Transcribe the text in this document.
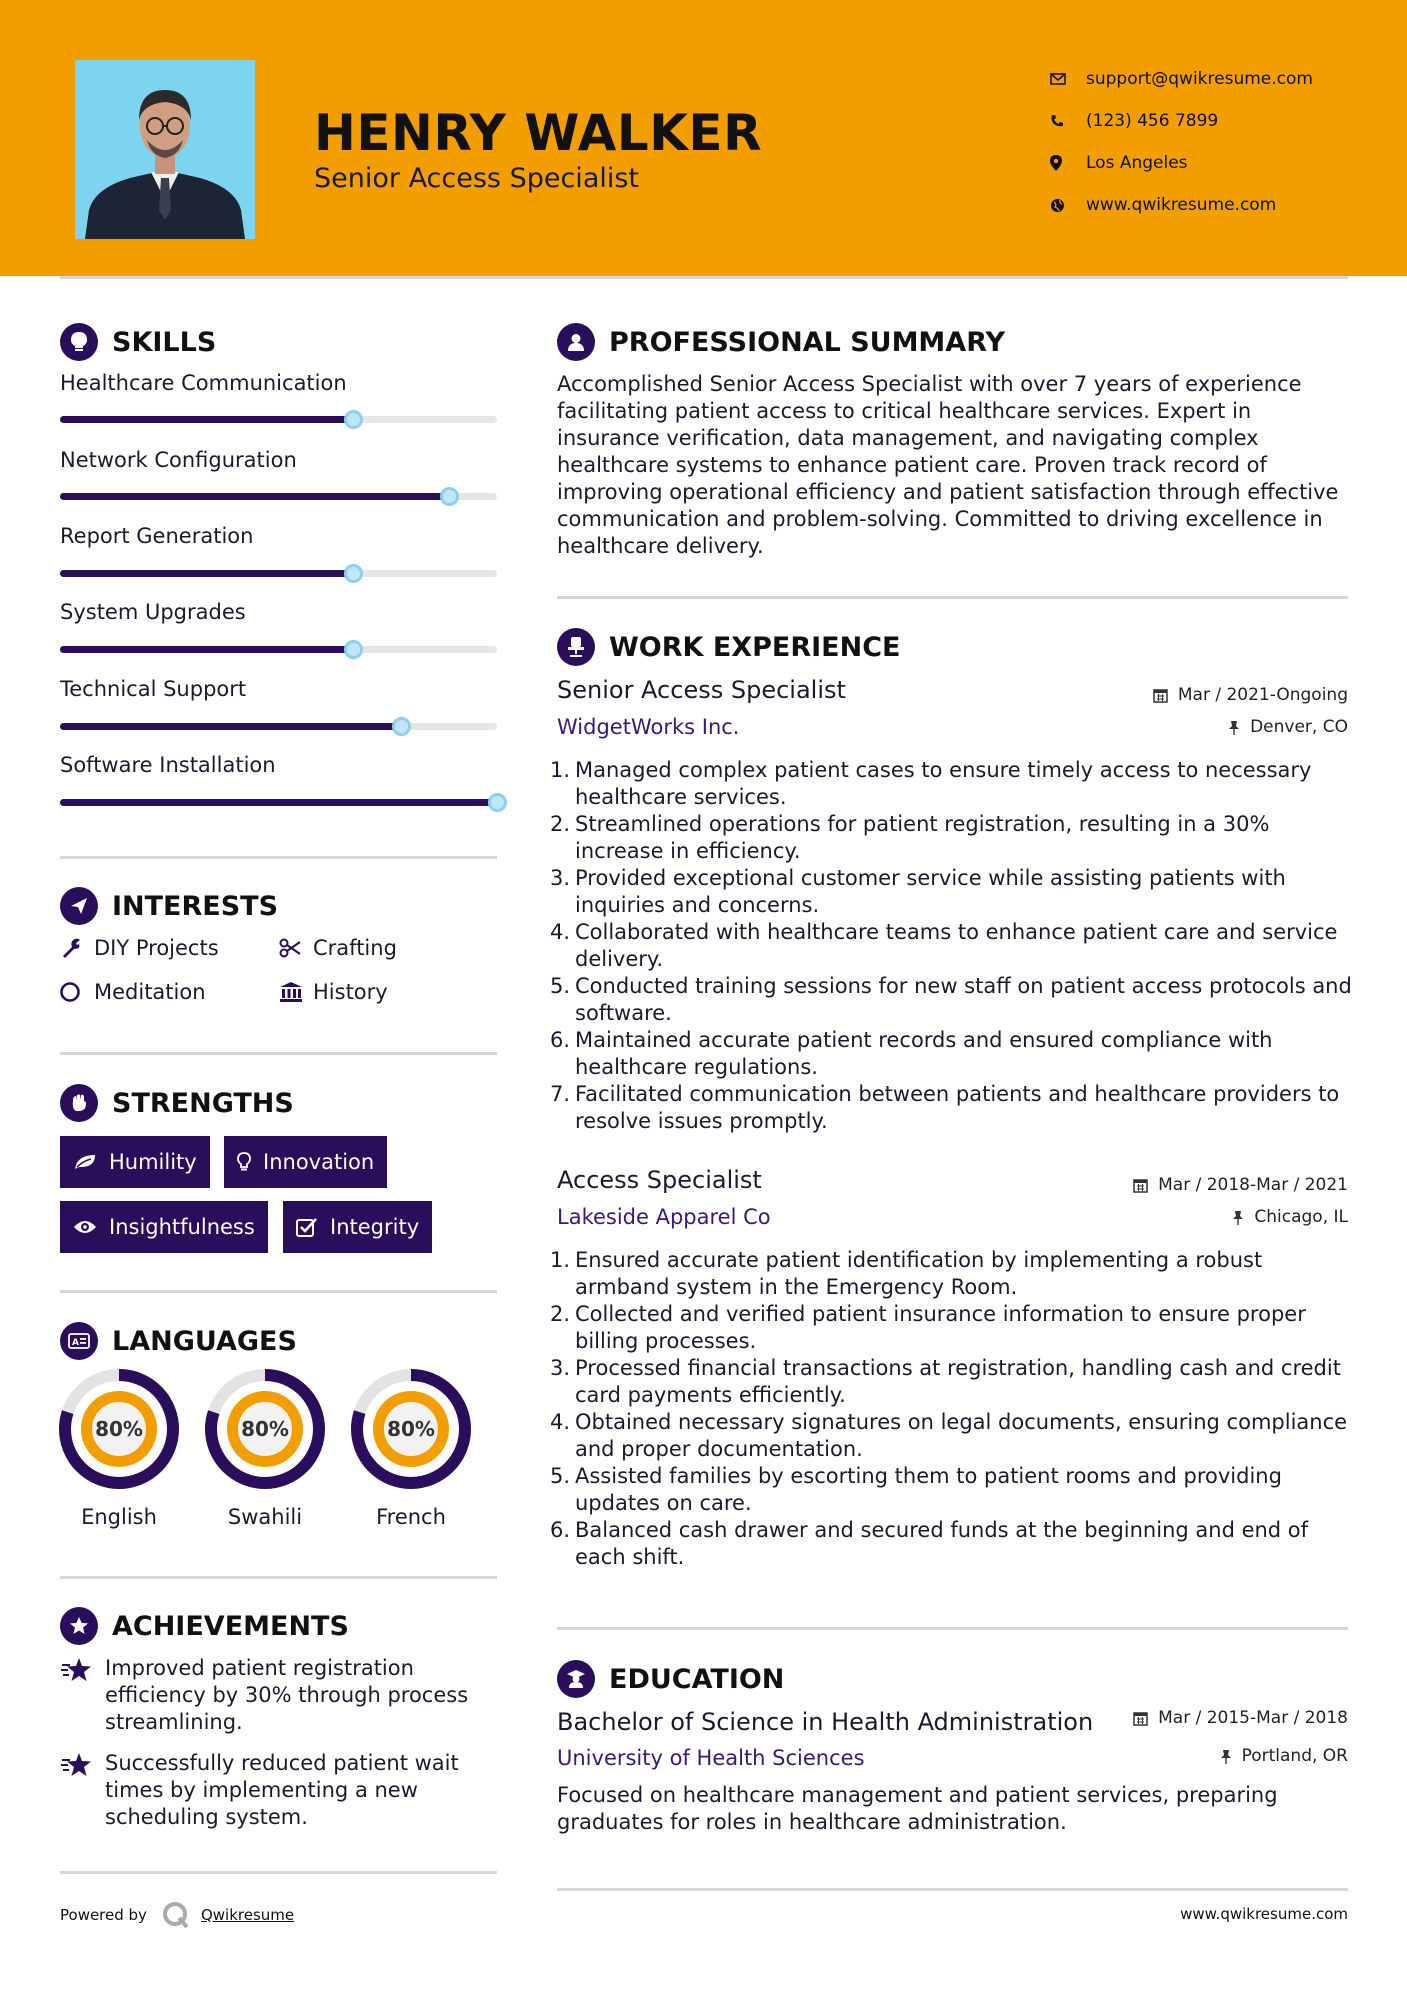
HENRY WALKER
Senior Access Specialist
support@qwikresume.com
(123) 456 7899
Los Angeles
www.qwikresume.com
SKILLS
Healthcare Communication
Network Configuration
Report Generation
System Upgrades
Technical Support
Software Installation
INTERESTS
DIY Projects	Crafting
Meditation	History
STRENGTHS
Humility	Innovation
Insightfulness	Integrity
A LANGUAGES
80%
English
80%
Swahili
80%
French
ACHIEVEMENTS
Improved patient registration efficiency by 30% through process streamlining.
Successfully reduced patient wait times by implementing a new scheduling system.
PROFESSIONAL SUMMARY
Accomplished Senior Access Specialist with over 7 years of experience facilitating patient access to critical healthcare services. Expert in insurance verification, data management, and navigating complex healthcare systems to enhance patient care. Proven track record of improving operational efficiency and patient satisfaction through effective communication and problem-solving. Committed to driving excellence in healthcare delivery.
WORK EXPERIENCE
Senior Access Specialist	Mar / 2021-Ongoing
WidgetWorks Inc.	Denver, CO
1. Managed complex patient cases to ensure timely access to necessary healthcare services.
2. Streamlined operations for patient registration, resulting in a 30% increase in efficiency.
3. Provided exceptional customer service while assisting patients with inquiries and concerns.
4. Collaborated with healthcare teams to enhance patient care and service delivery.
5. Conducted training sessions for new staff on patient access protocols and software.
6. Maintained accurate patient records and ensured compliance with healthcare regulations.
7. Facilitated communication between patients and healthcare providers to resolve issues promptly.
Access Specialist	Mar / 2018-Mar / 2021
Lakeside Apparel Co	Chicago, IL
1. Ensured accurate patient identification by implementing a robust armband system in the Emergency Room.
2. Collected and verified patient insurance information to ensure proper billing processes.
3. Processed financial transactions at registration, handling cash and credit card payments efficiently.
4. Obtained necessary signatures on legal documents, ensuring compliance and proper documentation.
5. Assisted families by escorting them to patient rooms and providing updates on care.
6. Balanced cash drawer and secured funds at the beginning and end of each shift.
EDUCATION
Bachelor of Science in Health Administration	Mar / 2015-Mar / 2018
University of Health Sciences	Portland, OR
Focused on healthcare management and patient services, preparing graduates for roles in healthcare administration.
Powered by	Qwikresume	www.qwikresume.com
